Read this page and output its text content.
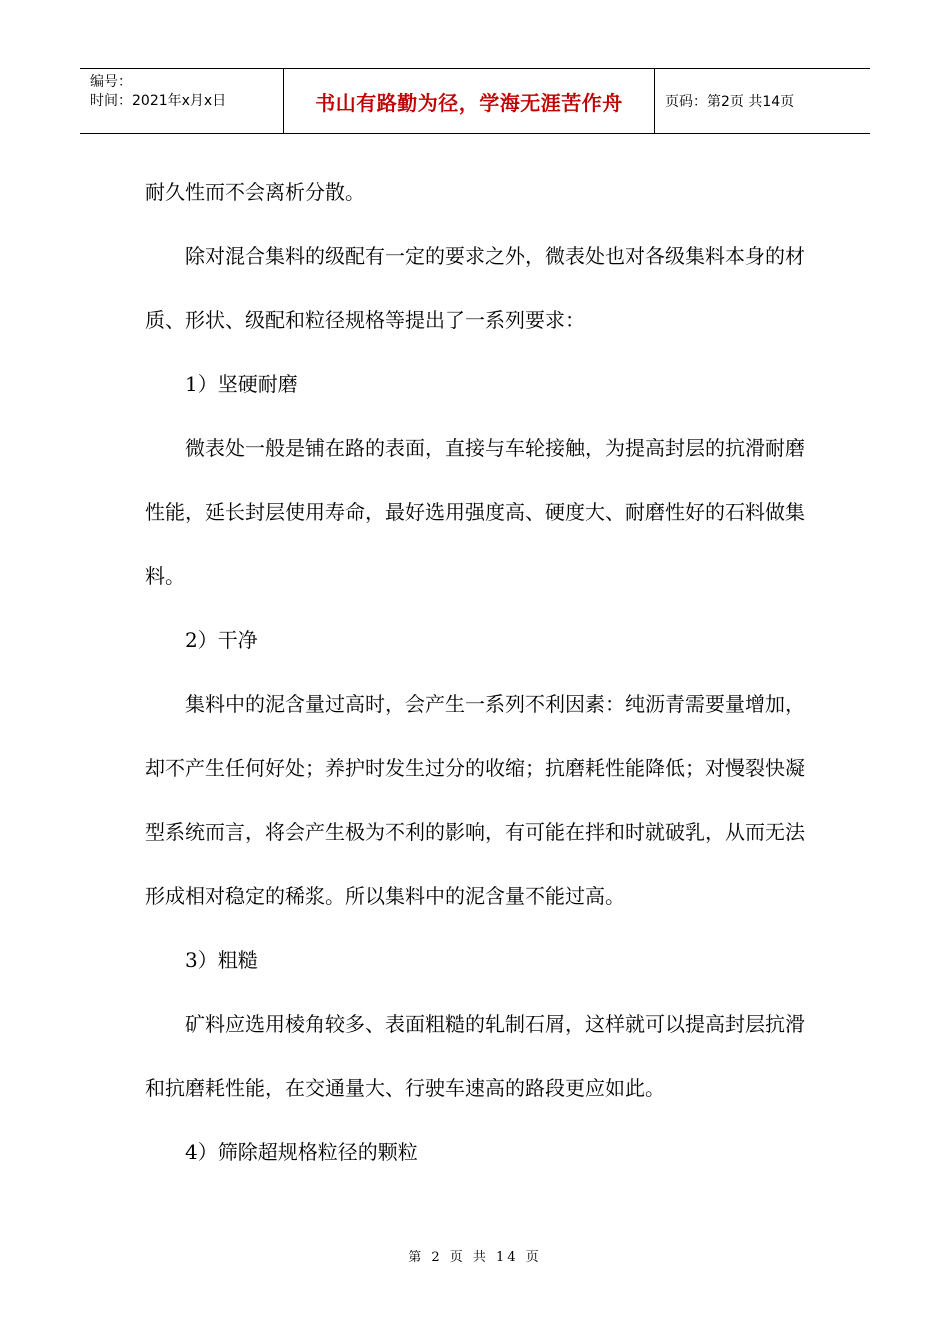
编号：
时间：2021年x月x日	书山有路勤为径，学海无涯苦作舟	页码：第2页 共14页

耐久性而不会离析分散。

除对混合集料的级配有一定的要求之外，微表处也对各级集料本身的材质、形状、级配和粒径规格等提出了一系列要求：

1）坚硬耐磨

微表处一般是铺在路的表面，直接与车轮接触，为提高封层的抗滑耐磨性能，延长封层使用寿命，最好选用强度高、硬度大、耐磨性好的石料做集料。

2）干净

集料中的泥含量过高时，会产生一系列不利因素：纯沥青需要量增加，却不产生任何好处；养护时发生过分的收缩；抗磨耗性能降低；对慢裂快凝型系统而言，将会产生极为不利的影响，有可能在拌和时就破乳，从而无法形成相对稳定的稀浆。所以集料中的泥含量不能过高。

3）粗糙

矿料应选用棱角较多、表面粗糙的轧制石屑，这样就可以提高封层抗滑和抗磨耗性能，在交通量大、行驶车速高的路段更应如此。

4）筛除超规格粒径的颗粒

第 2 页 共 14 页
